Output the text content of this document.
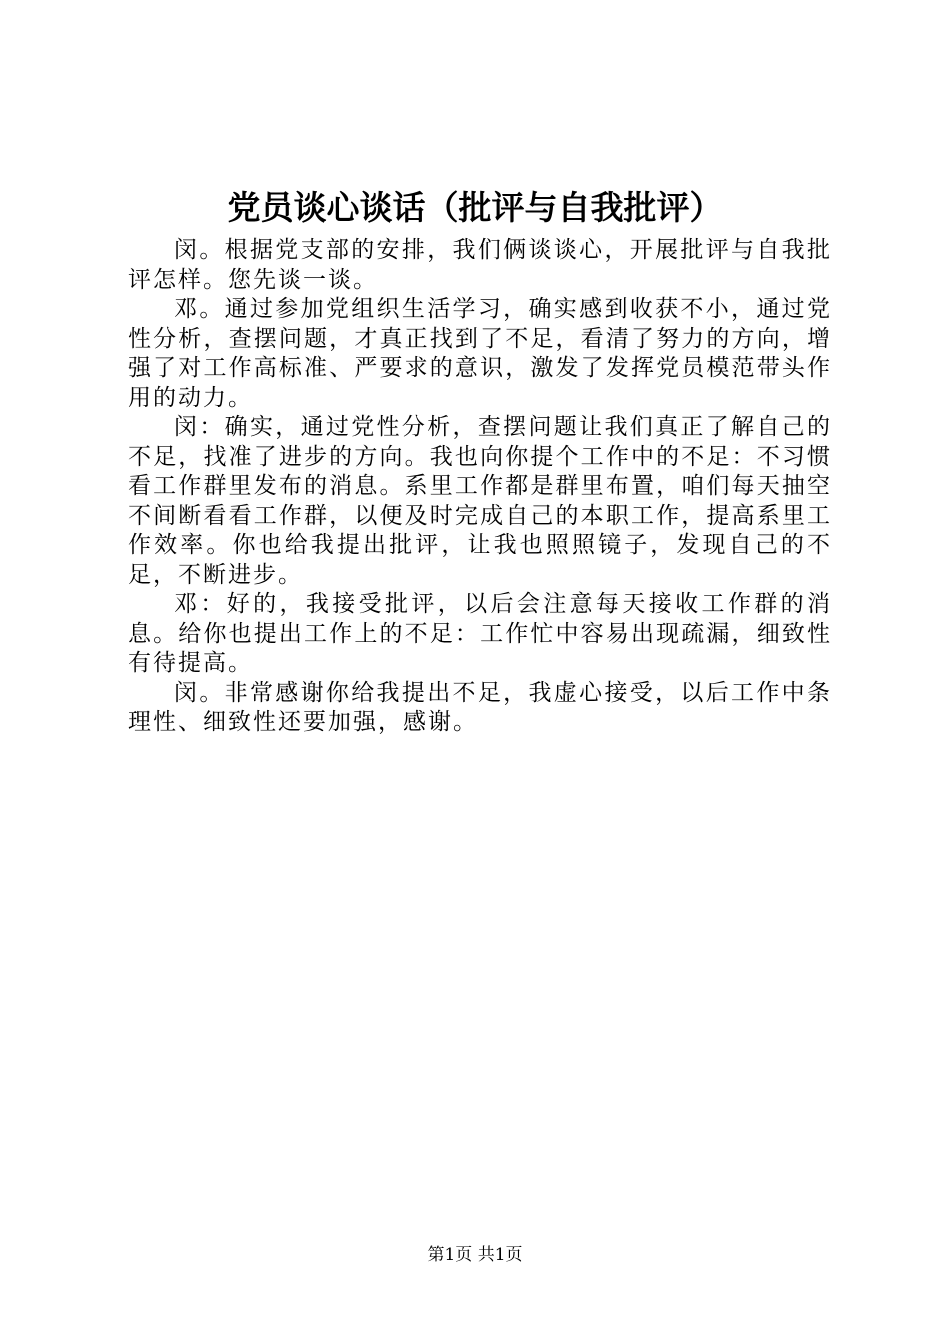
党员谈心谈话（批评与自我批评）

闵。根据党支部的安排，我们俩谈谈心，开展批评与自我批评怎样。您先谈一谈。

邓。通过参加党组织生活学习，确实感到收获不小，通过党性分析，查摆问题，才真正找到了不足，看清了努力的方向，增强了对工作高标准、严要求的意识，激发了发挥党员模范带头作用的动力。

闵：确实，通过党性分析，查摆问题让我们真正了解自己的不足，找准了进步的方向。我也向你提个工作中的不足：不习惯看工作群里发布的消息。系里工作都是群里布置，咱们每天抽空不间断看看工作群，以便及时完成自己的本职工作，提高系里工作效率。你也给我提出批评，让我也照照镜子，发现自己的不足，不断进步。

邓：好的，我接受批评，以后会注意每天接收工作群的消息。给你也提出工作上的不足：工作忙中容易出现疏漏，细致性有待提高。

闵。非常感谢你给我提出不足，我虚心接受，以后工作中条理性、细致性还要加强，感谢。

第1页 共1页
